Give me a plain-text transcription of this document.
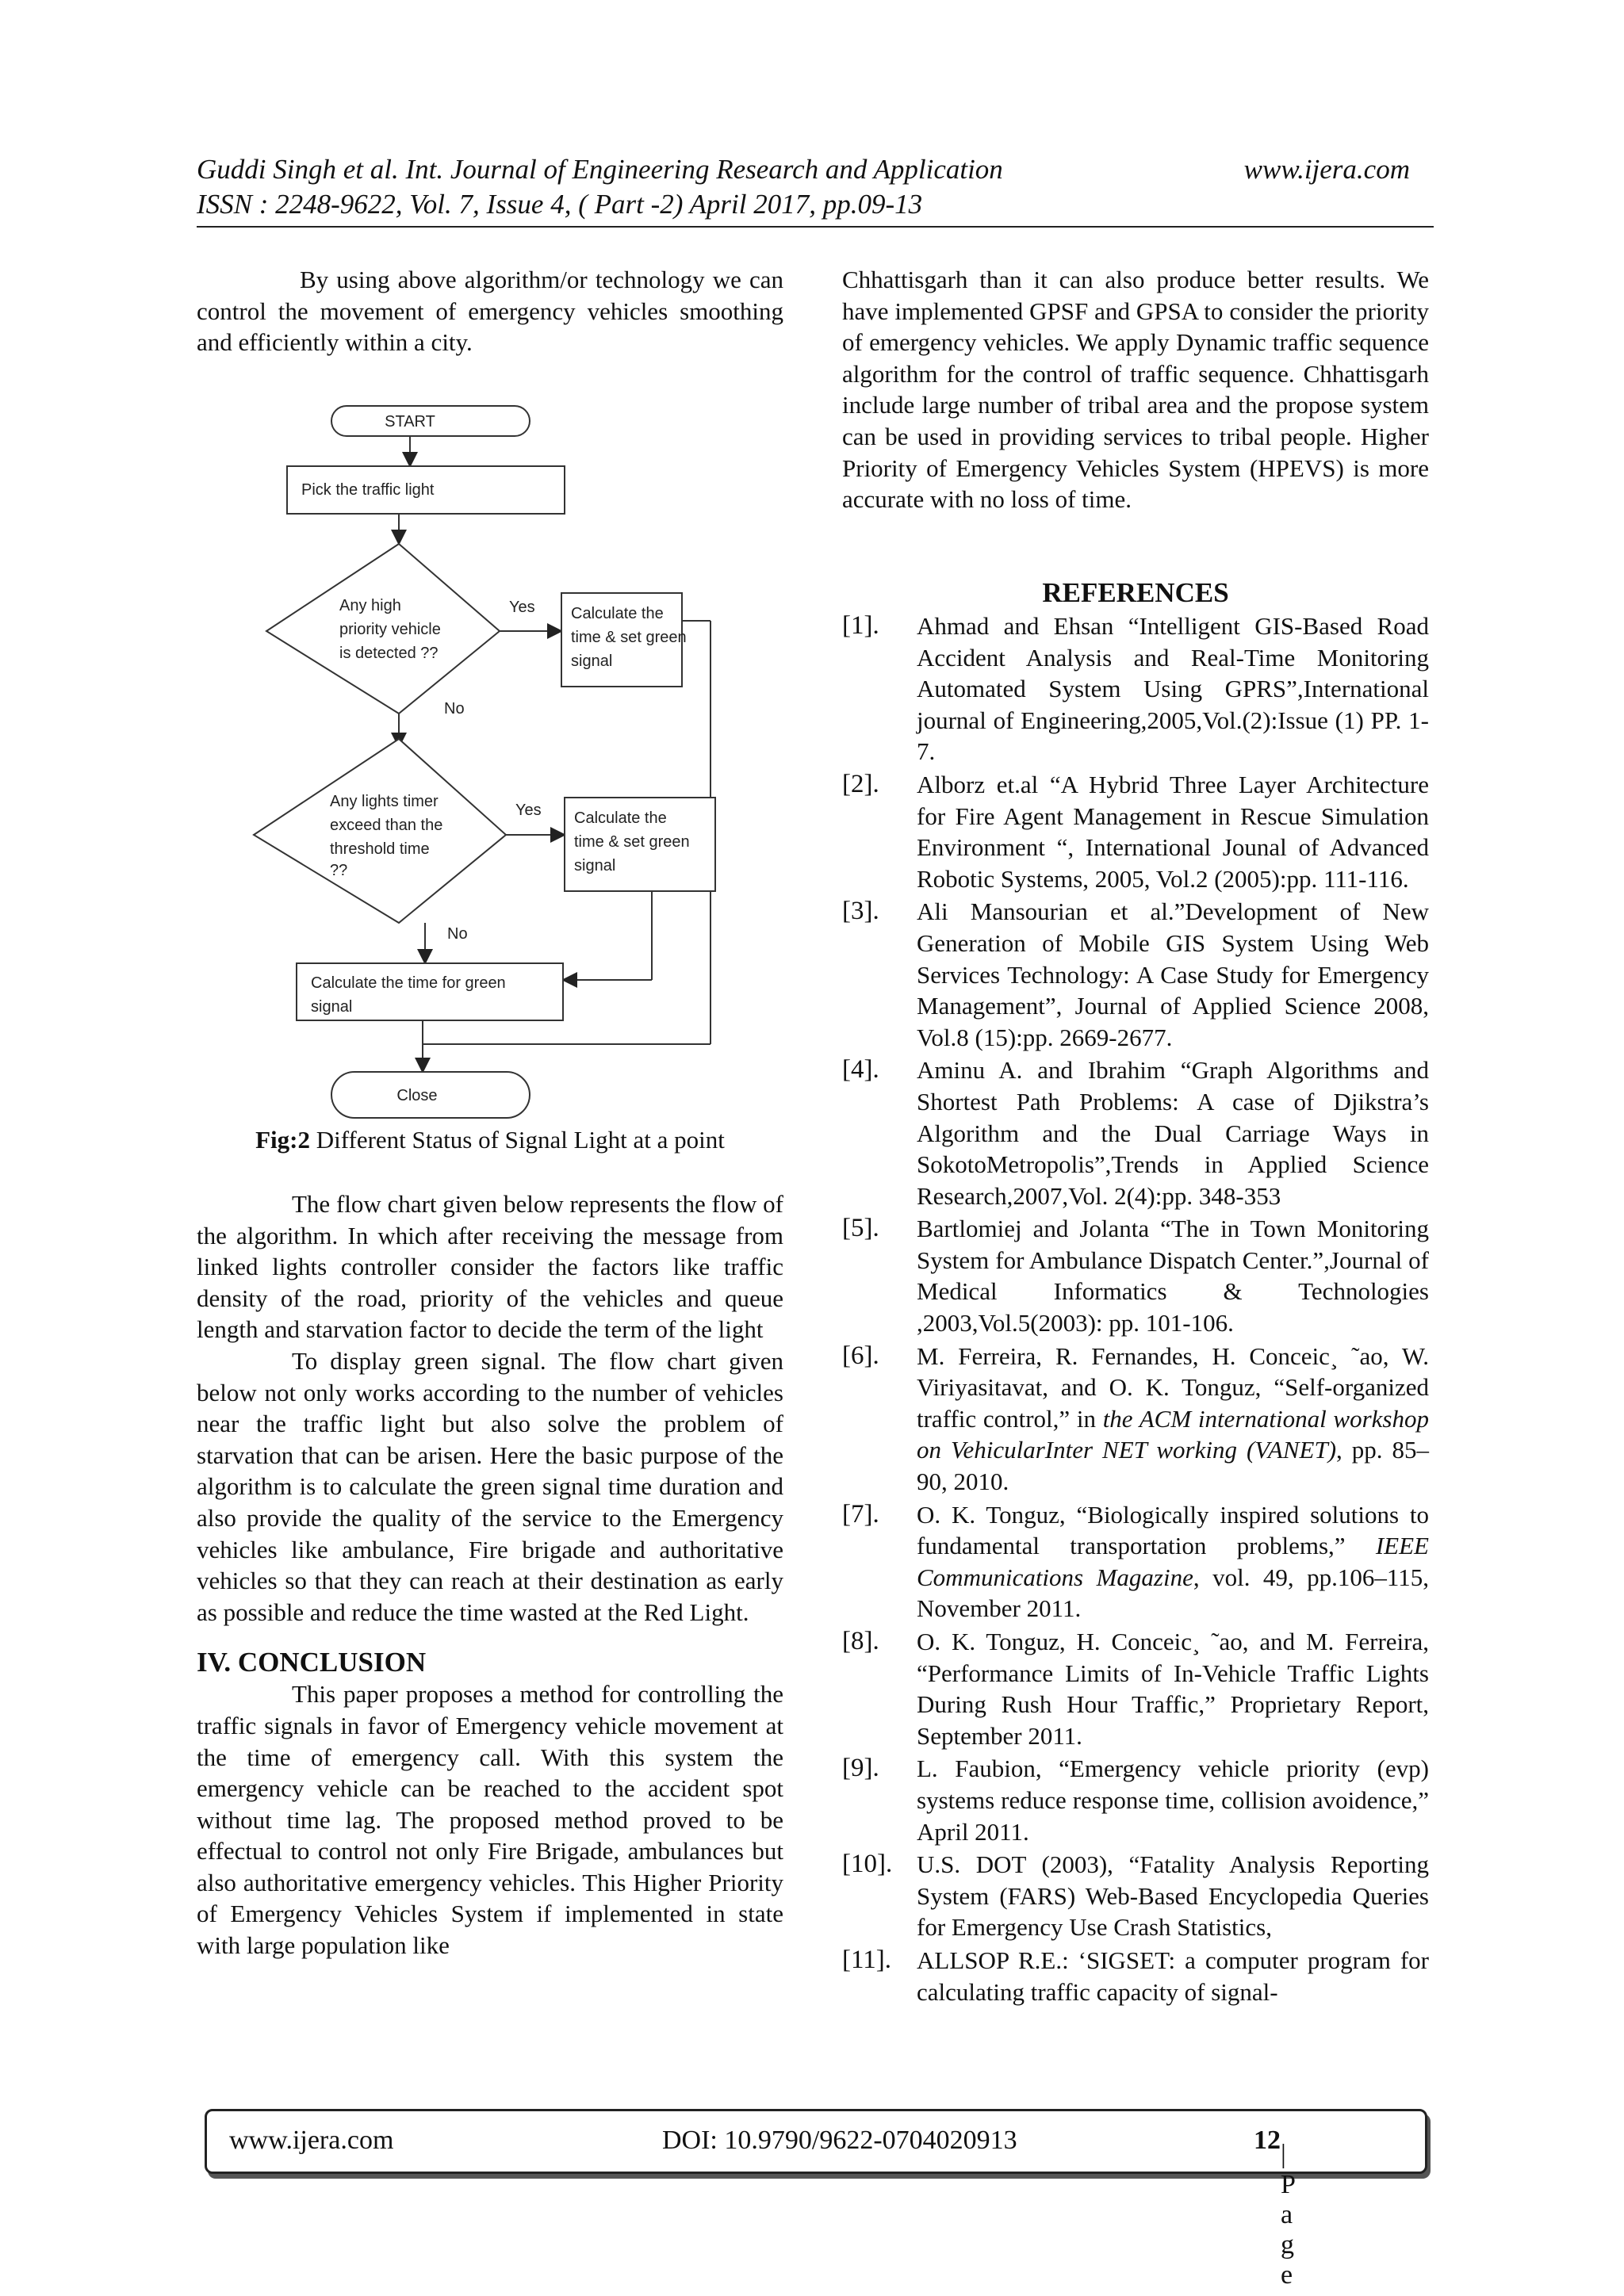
Guddi Singh et al. Int. Journal of Engineering Research and Application	www.ijera.com
ISSN : 2248-9622, Vol. 7, Issue 4, ( Part -2) April 2017, pp.09-13

By using above algorithm/or technology we can control the movement of emergency vehicles smoothing and efficiently within a city.

START
Pick the traffic light
Any high
priority vehicle
is detected ??
Yes Calculate the
time & set green
signal
No
Any lights timer
exceed than the
threshold time
??
Yes Calculate the
time & set green
signal
No
Calculate the time for green
signal
Close
Fig:2 Different Status of Signal Light at a point

The flow chart given below represents the flow of the algorithm. In which after receiving the message from linked lights controller consider the factors like traffic density of the road, priority of the vehicles and queue length and starvation factor to decide the term of the light

To display green signal. The flow chart given below not only works according to the number of vehicles near the traffic light but also solve the problem of starvation that can be arisen. Here the basic purpose of the algorithm is to calculate the green signal time duration and also provide the quality of the service to the Emergency vehicles like ambulance, Fire brigade and authoritative vehicles so that they can reach at their destination as early as possible and reduce the time wasted at the Red Light.

IV. CONCLUSION

This paper proposes a method for controlling the traffic signals in favor of Emergency vehicle movement at the time of emergency call. With this system the emergency vehicle can be reached to the accident spot without time lag. The proposed method proved to be effectual to control not only Fire Brigade, ambulances but also authoritative emergency vehicles. This Higher Priority of Emergency Vehicles System if implemented in state with large population like

Chhattisgarh than it can also produce better results. We have implemented GPSF and GPSA to consider the priority of emergency vehicles. We apply Dynamic traffic sequence algorithm for the control of traffic sequence. Chhattisgarh include large number of tribal area and the propose system can be used in providing services to tribal people. Higher Priority of Emergency Vehicles System (HPEVS) is more accurate with no loss of time.

REFERENCES

[1].	Ahmad and Ehsan “Intelligent GIS-Based Road Accident Analysis and Real-Time Monitoring Automated System Using GPRS”,International journal of Engineering,2005,Vol.(2):Issue (1) PP. 1-7.
[2].	Alborz et.al “A Hybrid Three Layer Architecture for Fire Agent Management in Rescue Simulation Environment “, International Jounal of Advanced Robotic Systems, 2005, Vol.2 (2005):pp. 111-116.
[3].	Ali Mansourian et al.”Development of New Generation of Mobile GIS System Using Web Services Technology: A Case Study for Emergency Management”, Journal of Applied Science 2008, Vol.8 (15):pp. 2669-2677.
[4].	Aminu A. and Ibrahim “Graph Algorithms and Shortest Path Problems: A case of Djikstra’s Algorithm and the Dual Carriage Ways in SokotoMetropolis”,Trends in Applied Science Research,2007,Vol. 2(4):pp. 348-353
[5].	Bartlomiej and Jolanta “The in Town Monitoring System for Ambulance Dispatch Center.”,Journal of Medical Informatics & Technologies ,2003,Vol.5(2003): pp. 101-106.
[6].	M. Ferreira, R. Fernandes, H. Conceic¸ ˜ao, W. Viriyasitavat, and O. K. Tonguz, “Self-organized traffic control,” in the ACM international workshop on VehicularInter NET working (VANET), pp. 85–90, 2010.
[7].	O. K. Tonguz, “Biologically inspired solutions to fundamental transportation problems,” IEEE Communications Magazine, vol. 49, pp.106–115, November 2011.
[8].	O. K. Tonguz, H. Conceic¸ ˜ao, and M. Ferreira, “Performance Limits of In-Vehicle Traffic Lights During Rush Hour Traffic,” Proprietary Report, September 2011.
[9].	L. Faubion, “Emergency vehicle priority (evp) systems reduce response time, collision avoidence,” April 2011.
[10]. U.S. DOT (2003), “Fatality Analysis Reporting System (FARS) Web-Based Encyclopedia Queries for Emergency Use Crash Statistics,
[11].	ALLSOP R.E.: ‘SIGSET: a computer program for calculating traffic capacity of signal-
www.ijera.com	DOI: 10.9790/9622-0704020913	12 | P a g e
